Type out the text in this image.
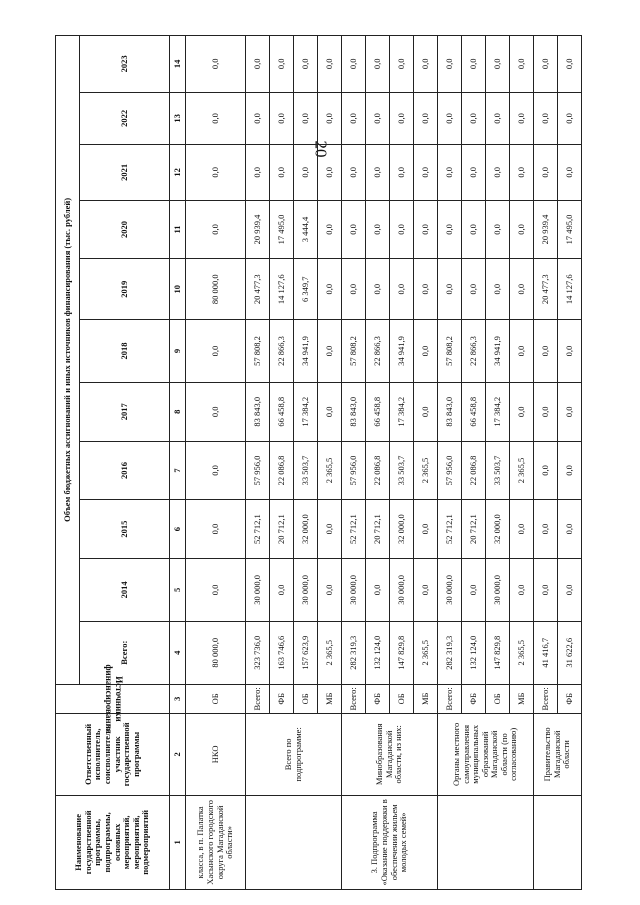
20
Наименование государственной программы, подпрограммы, основных мероприятий, мероприятий, подмероприятий	Ответственный исполнитель, соисполнитель, участник государственной программы	Источники финансирования	Объем бюджетных ассигнований и иных источников финансирования (тыс. рублей)										
			Всего:	2014	2015	2016	2017	2018	2019	2020	2021	2022	2023
1	2	3	4	5	6	7	8	9	10	11	12	13	14
класса, в п. Палатка Хасынского городского округа Магаданской области»	НКО	ОБ	80 000,0	0,0	0,0	0,0	0,0	0,0	80 000,0	0,0	0,0	0,0	0,0
	Всего по подпрограмме:	Всего:	323 736,0	30 000,0	52 712,1	57 956,0	83 843,0	57 808,2	20 477,3	20 939,4	0,0	0,0	0,0
		ФБ	163 746,6	0,0	20 712,1	22 086,8	66 458,8	22 866,3	14 127,6	17 495,0	0,0	0,0	0,0
		ОБ	157 623,9	30 000,0	32 000,0	33 503,7	17 384,2	34 941,9	6 349,7	3 444,4	0,0	0,0	0,0
		МБ	2 365,5	0,0	0,0	2 365,5	0,0	0,0	0,0	0,0	0,0	0,0	0,0
3. Подпрограмма «Оказание поддержки в обеспечении жильем молодых семей»	Минобразования Магаданской области, из них:	Всего:	282 319,3	30 000,0	52 712,1	57 956,0	83 843,0	57 808,2	0,0	0,0	0,0	0,0	0,0
		ФБ	132 124,0	0,0	20 712,1	22 086,8	66 458,8	22 866,3	0,0	0,0	0,0	0,0	0,0
		ОБ	147 829,8	30 000,0	32 000,0	33 503,7	17 384,2	34 941,9	0,0	0,0	0,0	0,0	0,0
		МБ	2 365,5	0,0	0,0	2 365,5	0,0	0,0	0,0	0,0	0,0	0,0	0,0
	Органы местного самоуправления муниципальных образований Магаданской области (по согласованию)	Всего:	282 319,3	30 000,0	52 712,1	57 956,0	83 843,0	57 808,2	0,0	0,0	0,0	0,0	0,0
		ФБ	132 124,0	0,0	20 712,1	22 086,8	66 458,8	22 866,3	0,0	0,0	0,0	0,0	0,0
		ОБ	147 829,8	30 000,0	32 000,0	33 503,7	17 384,2	34 941,9	0,0	0,0	0,0	0,0	0,0
		МБ	2 365,5	0,0	0,0	2 365,5	0,0	0,0	0,0	0,0	0,0	0,0	0,0
	Правительство Магаданской области	Всего:	41 416,7	0,0	0,0	0,0	0,0	0,0	20 477,3	20 939,4	0,0	0,0	0,0
		ФБ	31 622,6	0,0	0,0	0,0	0,0	0,0	14 127,6	17 495,0	0,0	0,0	0,0
